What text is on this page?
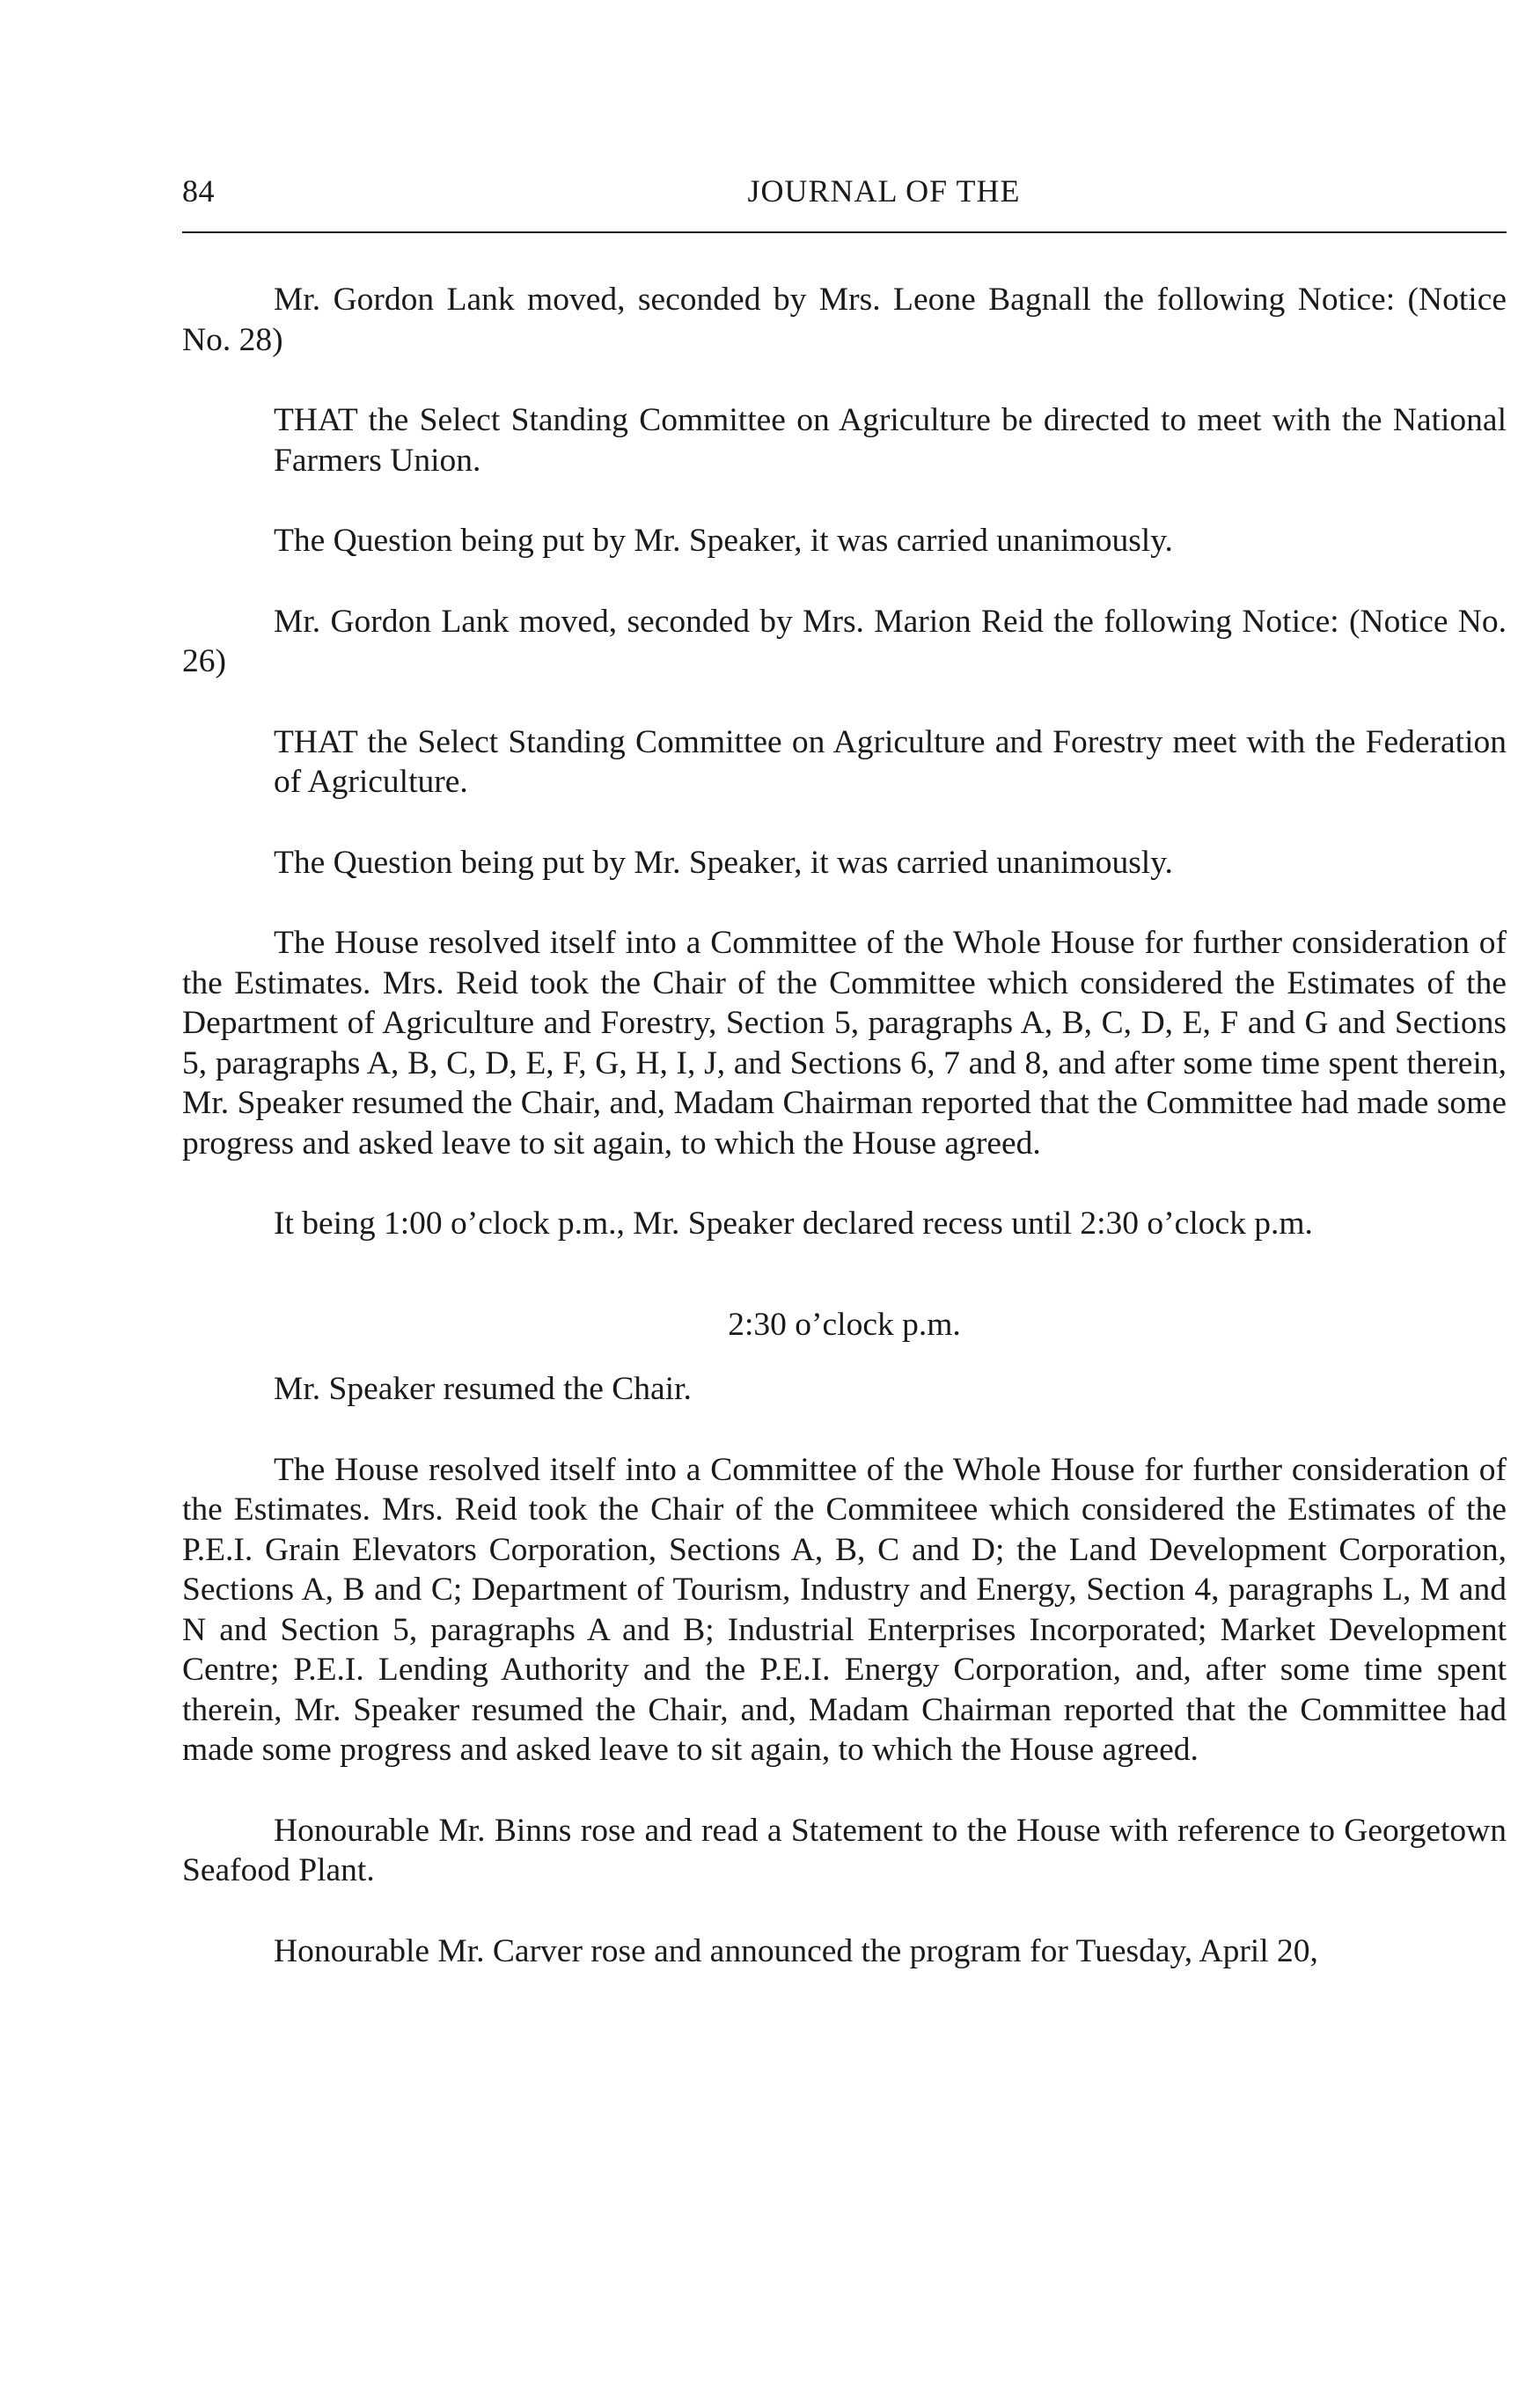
84	JOURNAL OF THE

Mr. Gordon Lank moved, seconded by Mrs. Leone Bagnall the following Notice: (Notice No. 28)

THAT the Select Standing Committee on Agriculture be directed to meet with the National Farmers Union.

The Question being put by Mr. Speaker, it was carried unanimously.

Mr. Gordon Lank moved, seconded by Mrs. Marion Reid the following Notice: (Notice No. 26)

THAT the Select Standing Committee on Agriculture and Forestry meet with the Federation of Agriculture.

The Question being put by Mr. Speaker, it was carried unanimously.

The House resolved itself into a Committee of the Whole House for further consideration of the Estimates. Mrs. Reid took the Chair of the Committee which considered the Estimates of the Department of Agriculture and Forestry, Section 5, paragraphs A, B, C, D, E, F and G and Sections 5, paragraphs A, B, C, D, E, F, G, H, I, J, and Sections 6, 7 and 8, and after some time spent therein, Mr. Speaker resumed the Chair, and, Madam Chairman reported that the Committee had made some progress and asked leave to sit again, to which the House agreed.

It being 1:00 o’clock p.m., Mr. Speaker declared recess until 2:30 o’clock p.m.

2:30 o’clock p.m.

Mr. Speaker resumed the Chair.

The House resolved itself into a Committee of the Whole House for further consideration of the Estimates. Mrs. Reid took the Chair of the Commiteee which considered the Estimates of the P.E.I. Grain Elevators Corporation, Sections A, B, C and D; the Land Development Corporation, Sections A, B and C; Department of Tourism, Industry and Energy, Section 4, paragraphs L, M and N and Section 5, paragraphs A and B; Industrial Enterprises Incorporated; Market Development Centre; P.E.I. Lending Authority and the P.E.I. Energy Corporation, and, after some time spent therein, Mr. Speaker resumed the Chair, and, Madam Chairman reported that the Committee had made some progress and asked leave to sit again, to which the House agreed.

Honourable Mr. Binns rose and read a Statement to the House with reference to Georgetown Seafood Plant.

Honourable Mr. Carver rose and announced the program for Tuesday, April 20,
